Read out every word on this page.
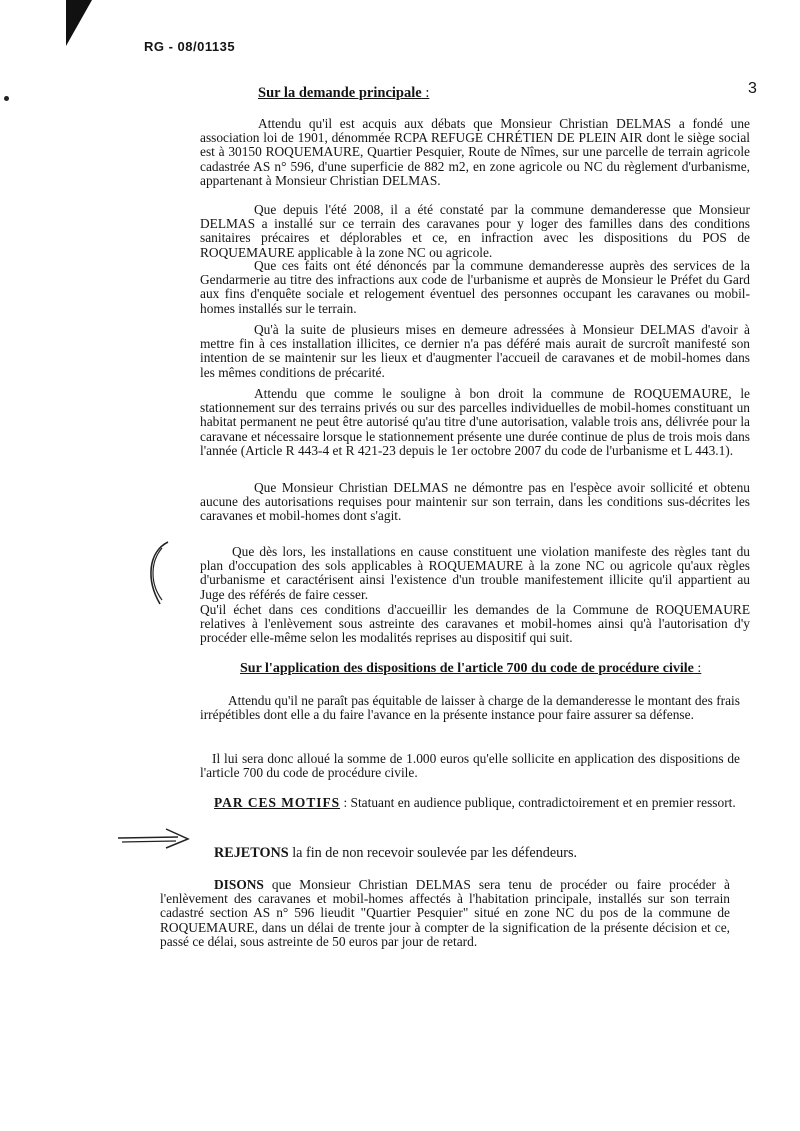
RG - 08/01135
3
Sur la demande principale :
Attendu qu'il est acquis aux débats que Monsieur Christian DELMAS a fondé une association loi de 1901, dénommée RCPA REFUGE CHRÉTIEN DE PLEIN AIR dont le siège social est à 30150 ROQUEMAURE, Quartier Pesquier, Route de Nîmes, sur une parcelle de terrain agricole cadastrée AS n° 596, d'une superficie de 882 m2, en zone agricole ou NC du règlement d'urbanisme, appartenant à Monsieur Christian DELMAS.
Que depuis l'été 2008, il a été constaté par la commune demanderesse que Monsieur DELMAS a installé sur ce terrain des caravanes pour y loger des familles dans des conditions sanitaires précaires et déplorables et ce, en infraction avec les dispositions du POS de ROQUEMAURE applicable à la zone NC ou agricole.
Que ces faits ont été dénoncés par la commune demanderesse auprès des services de la Gendarmerie au titre des infractions aux code de l'urbanisme et auprès de Monsieur le Préfet du Gard aux fins d'enquête sociale et relogement éventuel des personnes occupant les caravanes ou mobil-homes installés sur le terrain.
Qu'à la suite de plusieurs mises en demeure adressées à Monsieur DELMAS d'avoir à mettre fin à ces installation illicites, ce dernier n'a pas déféré mais aurait de surcroît manifesté son intention de se maintenir sur les lieux et d'augmenter l'accueil de caravanes et de mobil-homes dans les mêmes conditions de précarité.
Attendu que comme le souligne à bon droit la commune de ROQUEMAURE, le stationnement sur des terrains privés ou sur des parcelles individuelles de mobil-homes constituant un habitat permanent ne peut être autorisé qu'au titre d'une autorisation, valable trois ans, délivrée pour la caravane et nécessaire lorsque le stationnement présente une durée continue de plus de trois mois dans l'année (Article R 443-4 et R 421-23 depuis le 1er octobre 2007 du code de l'urbanisme et L 443.1).
Que Monsieur Christian DELMAS ne démontre pas en l'espèce avoir sollicité et obtenu aucune des autorisations requises pour maintenir sur son terrain, dans les conditions sus-décrites les caravanes et mobil-homes dont s'agit.
Que dès lors, les installations en cause constituent une violation manifeste des règles tant du plan d'occupation des sols applicables à ROQUEMAURE à la zone NC ou agricole qu'aux règles d'urbanisme et caractérisent ainsi l'existence d'un trouble manifestement illicite qu'il appartient au Juge des référés de faire cesser.
Qu'il échet dans ces conditions d'accueillir les demandes de la Commune de ROQUEMAURE relatives à l'enlèvement sous astreinte des caravanes et mobil-homes ainsi qu'à l'autorisation d'y procéder elle-même selon les modalités reprises au dispositif qui suit.
Sur l'application des dispositions de l'article 700 du code de procédure civile :
Attendu qu'il ne paraît pas équitable de laisser à charge de la demanderesse le montant des frais irrépétibles dont elle a du faire l'avance en la présente instance pour faire assurer sa défense.
Il lui sera donc alloué la somme de 1.000 euros qu'elle sollicite en application des dispositions de l'article 700 du code de procédure civile.
PAR CES MOTIFS : Statuant en audience publique, contradictoirement et en premier ressort.
REJETONS la fin de non recevoir soulevée par les défendeurs.
DISONS que Monsieur Christian DELMAS sera tenu de procéder ou faire procéder à l'enlèvement des caravanes et mobil-homes affectés à l'habitation principale, installés sur son terrain cadastré section AS n° 596 lieudit "Quartier Pesquier" situé en zone NC du pos de la commune de ROQUEMAURE, dans un délai de trente jour à compter de la signification de la présente décision et ce, passé ce délai, sous astreinte de 50 euros par jour de retard.
